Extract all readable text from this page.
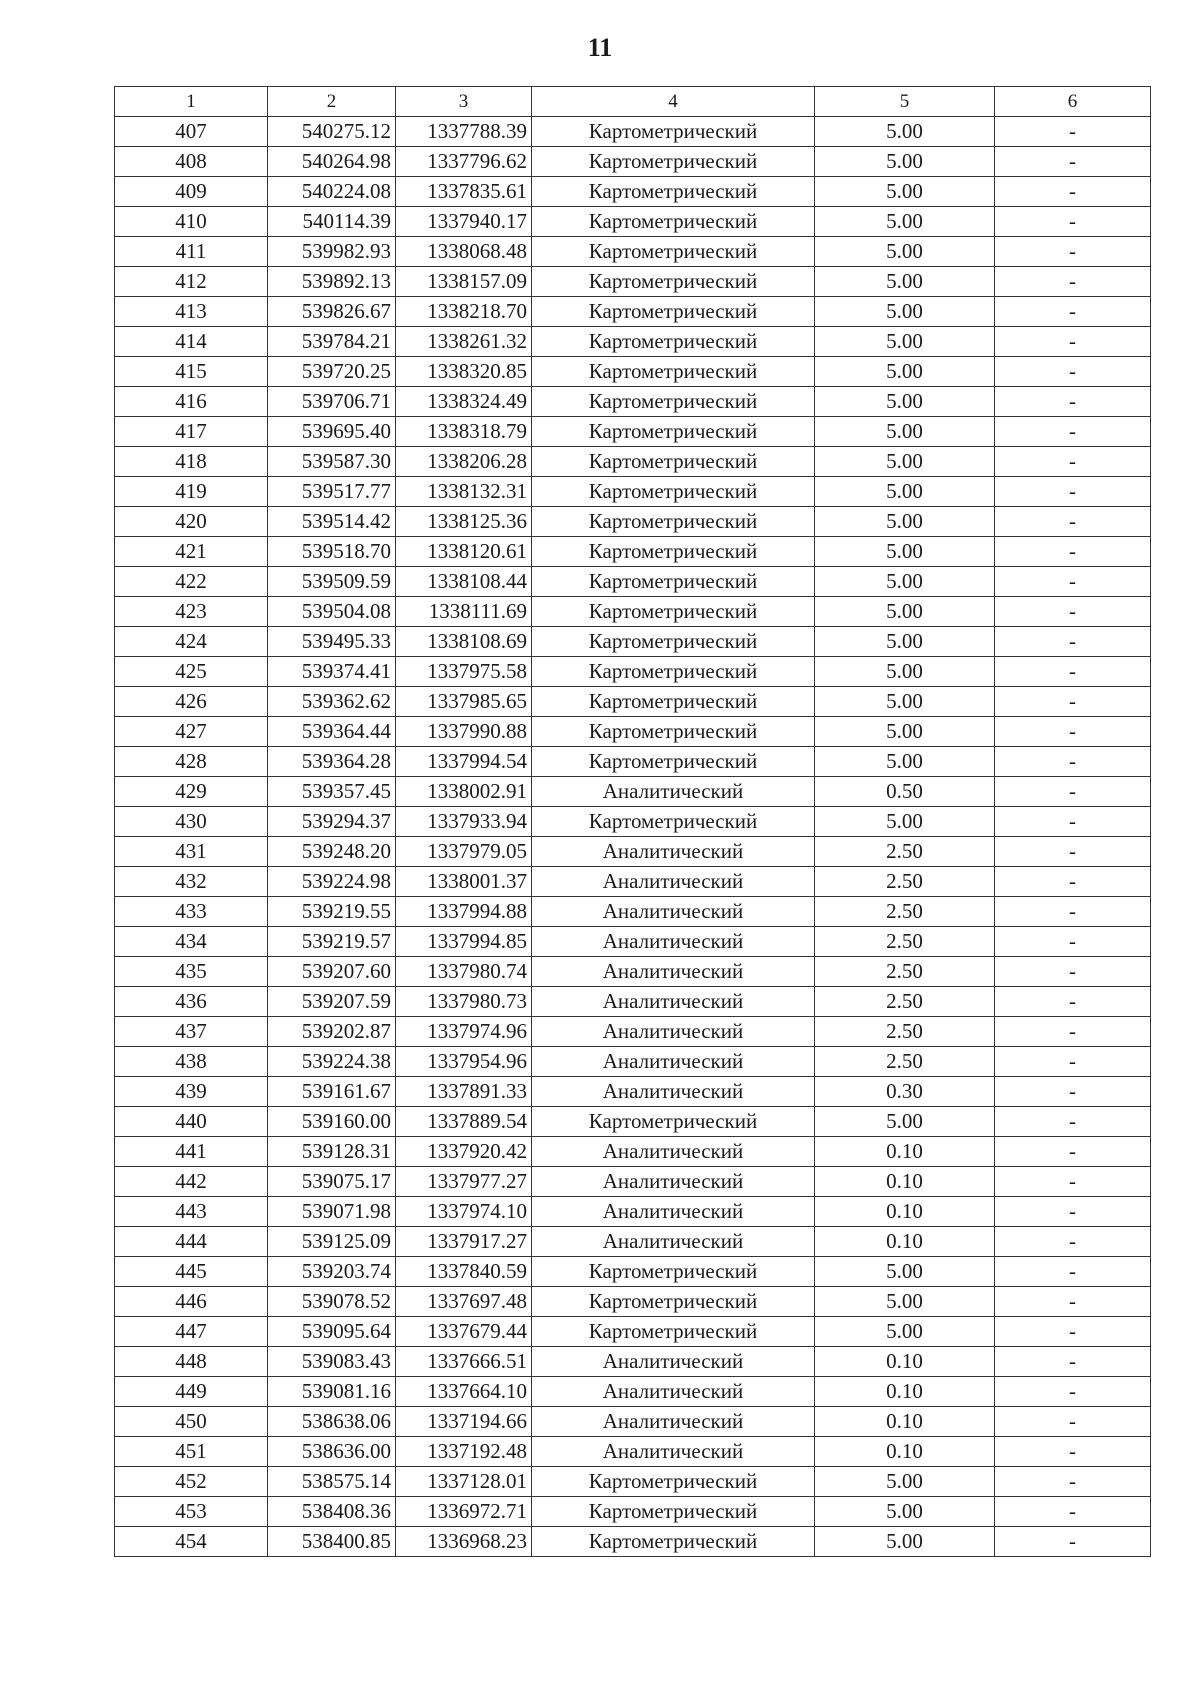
11
1	2	3	4	5	6
407	540275.12	1337788.39	Картометрический	5.00	-
408	540264.98	1337796.62	Картометрический	5.00	-
409	540224.08	1337835.61	Картометрический	5.00	-
410	540114.39	1337940.17	Картометрический	5.00	-
411	539982.93	1338068.48	Картометрический	5.00	-
412	539892.13	1338157.09	Картометрический	5.00	-
413	539826.67	1338218.70	Картометрический	5.00	-
414	539784.21	1338261.32	Картометрический	5.00	-
415	539720.25	1338320.85	Картометрический	5.00	-
416	539706.71	1338324.49	Картометрический	5.00	-
417	539695.40	1338318.79	Картометрический	5.00	-
418	539587.30	1338206.28	Картометрический	5.00	-
419	539517.77	1338132.31	Картометрический	5.00	-
420	539514.42	1338125.36	Картометрический	5.00	-
421	539518.70	1338120.61	Картометрический	5.00	-
422	539509.59	1338108.44	Картометрический	5.00	-
423	539504.08	1338111.69	Картометрический	5.00	-
424	539495.33	1338108.69	Картометрический	5.00	-
425	539374.41	1337975.58	Картометрический	5.00	-
426	539362.62	1337985.65	Картометрический	5.00	-
427	539364.44	1337990.88	Картометрический	5.00	-
428	539364.28	1337994.54	Картометрический	5.00	-
429	539357.45	1338002.91	Аналитический	0.50	-
430	539294.37	1337933.94	Картометрический	5.00	-
431	539248.20	1337979.05	Аналитический	2.50	-
432	539224.98	1338001.37	Аналитический	2.50	-
433	539219.55	1337994.88	Аналитический	2.50	-
434	539219.57	1337994.85	Аналитический	2.50	-
435	539207.60	1337980.74	Аналитический	2.50	-
436	539207.59	1337980.73	Аналитический	2.50	-
437	539202.87	1337974.96	Аналитический	2.50	-
438	539224.38	1337954.96	Аналитический	2.50	-
439	539161.67	1337891.33	Аналитический	0.30	-
440	539160.00	1337889.54	Картометрический	5.00	-
441	539128.31	1337920.42	Аналитический	0.10	-
442	539075.17	1337977.27	Аналитический	0.10	-
443	539071.98	1337974.10	Аналитический	0.10	-
444	539125.09	1337917.27	Аналитический	0.10	-
445	539203.74	1337840.59	Картометрический	5.00	-
446	539078.52	1337697.48	Картометрический	5.00	-
447	539095.64	1337679.44	Картометрический	5.00	-
448	539083.43	1337666.51	Аналитический	0.10	-
449	539081.16	1337664.10	Аналитический	0.10	-
450	538638.06	1337194.66	Аналитический	0.10	-
451	538636.00	1337192.48	Аналитический	0.10	-
452	538575.14	1337128.01	Картометрический	5.00	-
453	538408.36	1336972.71	Картометрический	5.00	-
454	538400.85	1336968.23	Картометрический	5.00	-
